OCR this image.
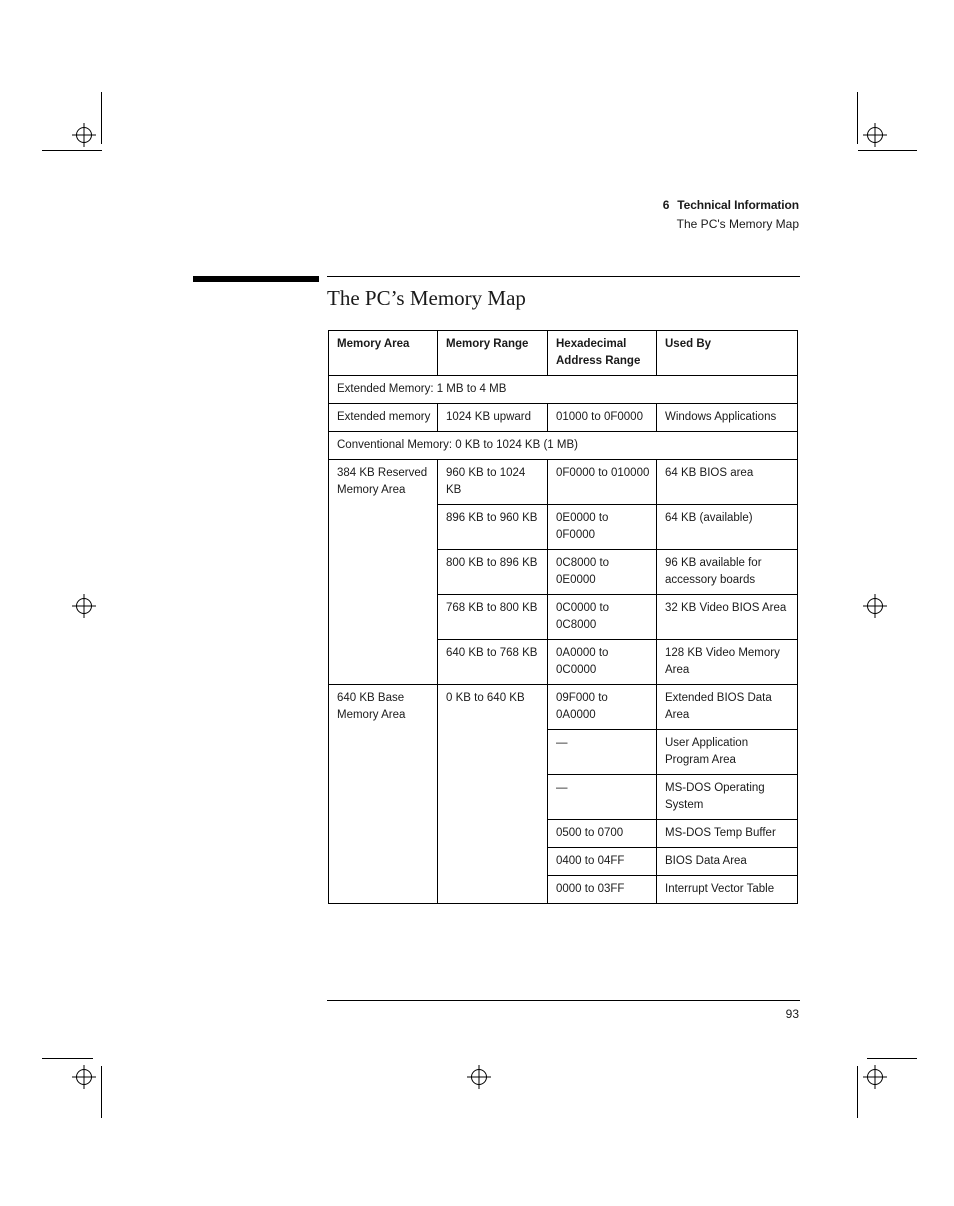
6 Technical Information
The PC's Memory Map
The PC’s Memory Map
Memory Area	Memory Range	Hexadecimal Address Range	Used By
Extended Memory: 1 MB to 4 MB			
Extended memory	1024 KB upward	01000 to 0F0000	Windows Applications
Conventional Memory: 0 KB to 1024 KB (1 MB)			
384 KB Reserved Memory Area	960 KB to 1024 KB	0F0000 to 010000	64 KB BIOS area
	896 KB to 960 KB	0E0000 to 0F0000	64 KB (available)
	800 KB to 896 KB	0C8000 to 0E0000	96 KB available for accessory boards
	768 KB to 800 KB	0C0000 to 0C8000	32 KB Video BIOS Area
	640 KB to 768 KB	0A0000 to 0C0000	128 KB Video Memory Area
640 KB Base Memory Area	0 KB to 640 KB	09F000 to 0A0000	Extended BIOS Data Area
		—	User Application Program Area
		—	MS-DOS Operating System
		0500 to 0700	MS-DOS Temp Buffer
		0400 to 04FF	BIOS Data Area
		0000 to 03FF	Interrupt Vector Table
93
